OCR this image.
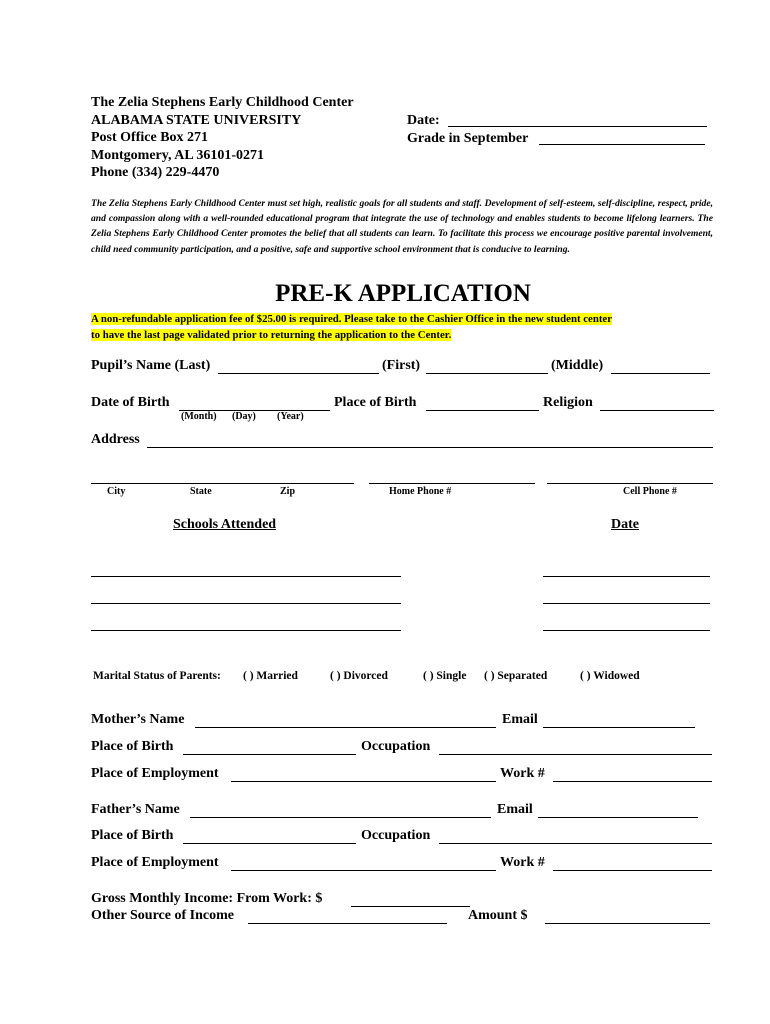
The Zelia Stephens Early Childhood Center
ALABAMA STATE UNIVERSITY
Post Office Box 271
Montgomery, AL 36101-0271
Phone (334) 229-4470
Date:
Grade in September
The Zelia Stephens Early Childhood Center must set high, realistic goals for all students and staff. Development of self-esteem, self-discipline, respect, pride, and compassion along with a well-rounded educational program that integrate the use of technology and enables students to become lifelong learners. The Zelia Stephens Early Childhood Center promotes the belief that all students can learn. To facilitate this process we encourage positive parental involvement, child need community participation, and a positive, safe and supportive school environment that is conducive to learning.
PRE-K APPLICATION
A non-refundable application fee of $25.00 is required. Please take to the Cashier Office in the new student center
to have the last page validated prior to returning the application to the Center.
Pupil’s Name (Last)	(First)	(Middle)
Date of Birth
(Month) (Day) (Year)
Place of Birth	Religion
Address
City	State	Zip	Home Phone #	Cell Phone #
Schools Attended	Date
Marital Status of Parents: ( ) Married	( ) Divorced	( ) Single ( ) Separated	( ) Widowed
Mother’s Name	Email
Place of Birth	Occupation
Place of Employment	Work #
Father’s Name	Email
Place of Birth	Occupation
Place of Employment	Work #
Gross Monthly Income: From Work: $
Other Source of Income	Amount $
